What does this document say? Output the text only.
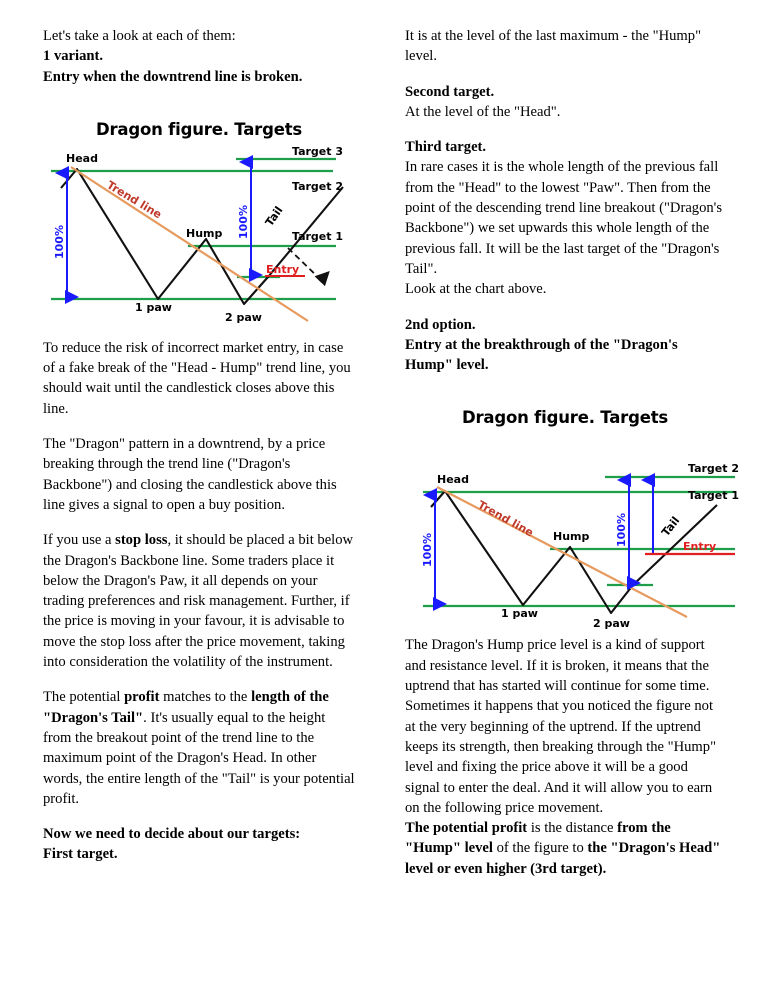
Let's take a look at each of them:

1 variant.

Entry when the downtrend line is broken.

Dragon figure. Targets
Head
Hump
1 paw
2 paw
Target 1
Target 2
Target 3
Tail
Trend line
Entry
100%
100%

To reduce the risk of incorrect market entry, in case of a fake break of the "Head - Hump" trend line, you should wait until the candlestick closes above this line.

The "Dragon" pattern in a downtrend, by a price breaking through the trend line ("Dragon's Backbone") and closing the candlestick above this line gives a signal to open a buy position.

If you use a stop loss, it should be placed a bit below the Dragon's Backbone line. Some traders place it below the Dragon's Paw, it all depends on your trading preferences and risk management. Further, if the price is moving in your favour, it is advisable to move the stop loss after the price movement, taking into consideration the volatility of the instrument.

The potential profit matches to the length of the "Dragon's Tail". It's usually equal to the height from the breakout point of the trend line to the maximum point of the Dragon's Head. In other words, the entire length of the "Tail" is your potential profit.

Now we need to decide about our targets:

First target.

It is at the level of the last maximum - the "Hump" level.

Second target.

At the level of the "Head".

Third target.

In rare cases it is the whole length of the previous fall from the "Head" to the lowest "Paw". Then from the point of the descending trend line breakout ("Dragon's Backbone") we set upwards this whole length of the previous fall. It will be the last target of the "Dragon's Tail".

Look at the chart above.

2nd option.

Entry at the breakthrough of the "Dragon's Hump" level.

Dragon figure. Targets
Head
Hump
1 paw
2 paw
Target 1
Target 2
Tail
Trend line
Entry
100%
100%

The Dragon's Hump price level is a kind of support and resistance level. If it is broken, it means that the uptrend that has started will continue for some time. Sometimes it happens that you noticed the figure not at the very beginning of the uptrend. If the uptrend keeps its strength, then breaking through the "Hump" level and fixing the price above it will be a good signal to enter the deal. And it will allow you to earn on the following price movement.

The potential profit is the distance from the "Hump" level of the figure to the "Dragon's Head" level or even higher (3rd target).
